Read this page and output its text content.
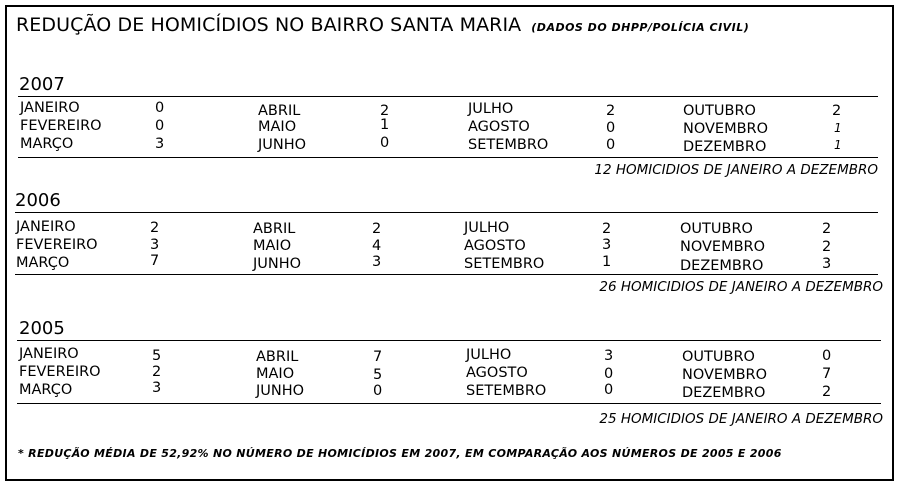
REDUÇÃO DE HOMICÍDIOS NO BAIRRO SANTA MARIA (DADOS DO DHPP/POLÍCIA CIVIL)
2007
JANEIRO	0
FEVEREIRO	0
MARÇO	3
ABRIL	2
MAIO	1
JUNHO	0
JULHO	2
AGOSTO	0
SETEMBRO	0
OUTUBRO	2
NOVEMBRO	1
DEZEMBRO	1
12 HOMICIDIOS DE JANEIRO A DEZEMBRO
2006
JANEIRO	2
FEVEREIRO	3
MARÇO	7
ABRIL	2
MAIO	4
JUNHO	3
JULHO	2
AGOSTO	3
SETEMBRO	1
OUTUBRO	2
NOVEMBRO	2
DEZEMBRO	3
26 HOMICIDIOS DE JANEIRO A DEZEMBRO
2005
JANEIRO	5
FEVEREIRO	2
MARÇO	3
ABRIL	7
MAIO	5
JUNHO	0
JULHO	3
AGOSTO	0
SETEMBRO	0
OUTUBRO	0
NOVEMBRO	7
DEZEMBRO	2
25 HOMICIDIOS DE JANEIRO A DEZEMBRO
* REDUÇÃO MÉDIA DE 52,92% NO NÚMERO DE HOMICÍDIOS EM 2007, EM COMPARAÇÃO AOS NÚMEROS DE 2005 E 2006
